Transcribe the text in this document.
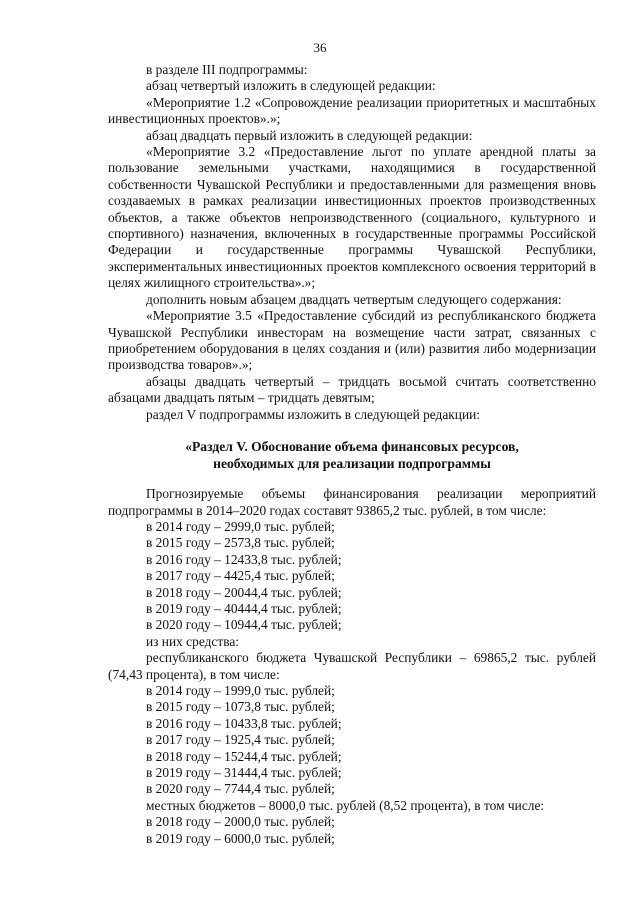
36

в разделе III подпрограммы:

абзац четвертый изложить в следующей редакции:

«Мероприятие 1.2 «Сопровождение реализации приоритетных и масштабных инвестиционных проектов».»;

абзац двадцать первый изложить в следующей редакции:

«Мероприятие 3.2 «Предоставление льгот по уплате арендной платы за пользование земельными участками, находящимися в государственной собственности Чувашской Республики и предоставленными для размещения вновь создаваемых в рамках реализации инвестиционных проектов производственных объектов, а также объектов непроизводственного (социального, культурного и спортивного) назначения, включенных в государственные программы Российской Федерации и государственные программы Чувашской Республики, экспериментальных инвестиционных проектов комплексного освоения территорий в целях жилищного строительства».»;

дополнить новым абзацем двадцать четвертым следующего содержания:

«Мероприятие 3.5 «Предоставление субсидий из республиканского бюджета Чувашской Республики инвесторам на возмещение части затрат, связанных с приобретением оборудования в целях создания и (или) развития либо модернизации производства товаров».»;

абзацы двадцать четвертый – тридцать восьмой считать соответственно абзацами двадцать пятым – тридцать девятым;

раздел V подпрограммы изложить в следующей редакции:

«Раздел V. Обоснование объема финансовых ресурсов,
необходимых для реализации подпрограммы

Прогнозируемые объемы финансирования реализации мероприятий подпрограммы в 2014–2020 годах составят 93865,2 тыс. рублей, в том числе:

в 2014 году – 2999,0 тыс. рублей;

в 2015 году – 2573,8 тыс. рублей;

в 2016 году – 12433,8 тыс. рублей;

в 2017 году – 4425,4 тыс. рублей;

в 2018 году – 20044,4 тыс. рублей;

в 2019 году – 40444,4 тыс. рублей;

в 2020 году – 10944,4 тыс. рублей;

из них средства:

республиканского бюджета Чувашской Республики – 69865,2 тыс. рублей (74,43 процента), в том числе:

в 2014 году – 1999,0 тыс. рублей;

в 2015 году – 1073,8 тыс. рублей;

в 2016 году – 10433,8 тыс. рублей;

в 2017 году – 1925,4 тыс. рублей;

в 2018 году – 15244,4 тыс. рублей;

в 2019 году – 31444,4 тыс. рублей;

в 2020 году – 7744,4 тыс. рублей;

местных бюджетов – 8000,0 тыс. рублей (8,52 процента), в том числе:

в 2018 году – 2000,0 тыс. рублей;

в 2019 году – 6000,0 тыс. рублей;
